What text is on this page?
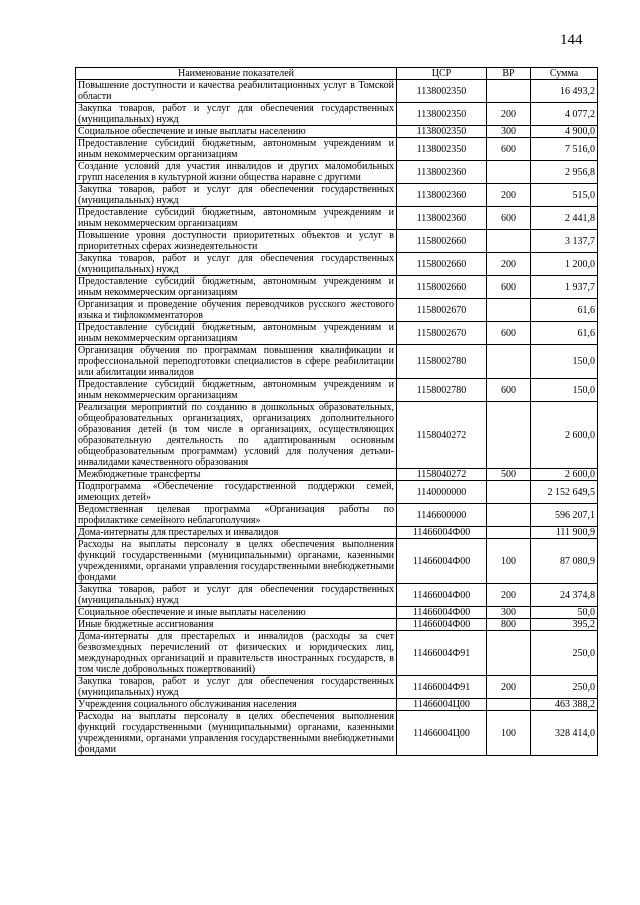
144
Наименование показателей	ЦСР	ВР	Сумма
Повышение доступности и качества реабилитационных услуг в Томской области	1138002350		16 493,2
Закупка товаров, работ и услуг для обеспечения государственных (муниципальных) нужд	1138002350	200	4 077,2
Социальное обеспечение и иные выплаты населению	1138002350	300	4 900,0
Предоставление субсидий бюджетным, автономным учреждениям и иным некоммерческим организациям	1138002350	600	7 516,0
Создание условий для участия инвалидов и других маломобильных групп населения в культурной жизни общества наравне с другими	1138002360		2 956,8
Закупка товаров, работ и услуг для обеспечения государственных (муниципальных) нужд	1138002360	200	515,0
Предоставление субсидий бюджетным, автономным учреждениям и иным некоммерческим организациям	1138002360	600	2 441,8
Повышение уровня доступности приоритетных объектов и услуг в приоритетных сферах жизнедеятельности	1158002660		3 137,7
Закупка товаров, работ и услуг для обеспечения государственных (муниципальных) нужд	1158002660	200	1 200,0
Предоставление субсидий бюджетным, автономным учреждениям и иным некоммерческим организациям	1158002660	600	1 937,7
Организация и проведение обучения переводчиков русского жестового языка и тифлокомментаторов	1158002670		61,6
Предоставление субсидий бюджетным, автономным учреждениям и иным некоммерческим организациям	1158002670	600	61,6
Организация обучения по программам повышения квалификации и профессиональной переподготовки специалистов в сфере реабилитации или абилитации инвалидов	1158002780		150,0
Предоставление субсидий бюджетным, автономным учреждениям и иным некоммерческим организациям	1158002780	600	150,0
Реализация мероприятий по созданию в дошкольных образовательных, общеобразовательных организациях, организациях дополнительного образования детей (в том числе в организациях, осуществляющих образовательную деятельность по адаптированным основным общеобразовательным программам) условий для получения детьми-инвалидами качественного образования	1158040272		2 600,0
Межбюджетные трансферты	1158040272	500	2 600,0
Подпрограмма «Обеспечение государственной поддержки семей, имеющих детей»	1140000000		2 152 649,5
Ведомственная целевая программа «Организация работы по профилактике семейного неблагополучия»	1146600000		596 207,1
Дома-интернаты для престарелых и инвалидов	11466004Ф00		111 900,9
Расходы на выплаты персоналу в целях обеспечения выполнения функций государственными (муниципальными) органами, казенными учреждениями, органами управления государственными внебюджетными фондами	11466004Ф00	100	87 080,9
Закупка товаров, работ и услуг для обеспечения государственных (муниципальных) нужд	11466004Ф00	200	24 374,8
Социальное обеспечение и иные выплаты населению	11466004Ф00	300	50,0
Иные бюджетные ассигнования	11466004Ф00	800	395,2
Дома-интернаты для престарелых и инвалидов (расходы за счет безвозмездных перечислений от физических и юридических лиц, международных организаций и правительств иностранных государств, в том числе добровольных пожертвований)	11466004Ф91		250,0
Закупка товаров, работ и услуг для обеспечения государственных (муниципальных) нужд	11466004Ф91	200	250,0
Учреждения социального обслуживания населения	11466004Ц00		463 388,2
Расходы на выплаты персоналу в целях обеспечения выполнения функций государственными (муниципальными) органами, казенными учреждениями, органами управления государственными внебюджетными фондами	11466004Ц00	100	328 414,0
